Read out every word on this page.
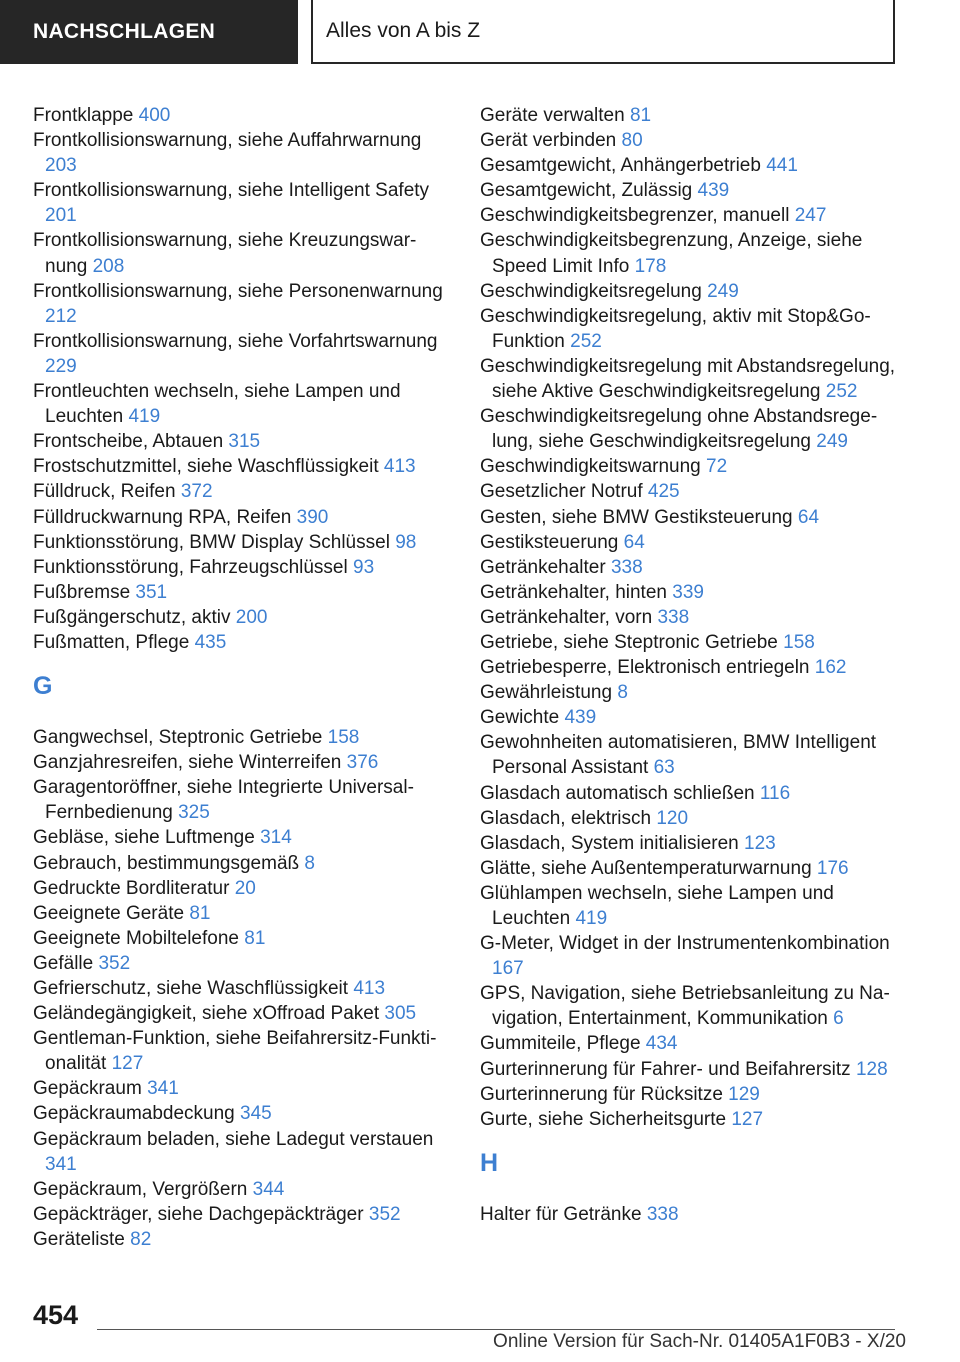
NACHSCHLAGEN	Alles von A bis Z

Frontklappe 400

Frontkollisionswarnung, siehe Auffahrwarnung 203

Frontkollisionswarnung, siehe Intelligent Safety 201

Frontkollisionswarnung, siehe Kreuzungswarnung 208

Frontkollisionswarnung, siehe Personenwarnung 212

Frontkollisionswarnung, siehe Vorfahrtswarnung 229

Frontleuchten wechseln, siehe Lampen und Leuchten 419

Frontscheibe, Abtauen 315

Frostschutzmittel, siehe Waschflüssigkeit 413

Fülldruck, Reifen 372

Fülldruckwarnung RPA, Reifen 390

Funktionsstörung, BMW Display Schlüssel 98

Funktionsstörung, Fahrzeugschlüssel 93

Fußbremse 351

Fußgängerschutz, aktiv 200

Fußmatten, Pflege 435

G

Gangwechsel, Steptronic Getriebe 158

Ganzjahresreifen, siehe Winterreifen 376

Garagentoröffner, siehe Integrierte UniversalFernbedienung 325

Gebläse, siehe Luftmenge 314

Gebrauch, bestimmungsgemäß 8

Gedruckte Bordliteratur 20

Geeignete Geräte 81

Geeignete Mobiltelefone 81

Gefälle 352

Gefrierschutz, siehe Waschflüssigkeit 413

Geländegängigkeit, siehe xOffroad Paket 305

Gentleman-Funktion, siehe Beifahrersitz-Funktionalität 127

Gepäckraum 341

Gepäckraumabdeckung 345

Gepäckraum beladen, siehe Ladegut verstauen 341

Gepäckraum, Vergrößern 344

Gepäckträger, siehe Dachgepäckträger 352

Geräteliste 82

Geräte verwalten 81

Gerät verbinden 80

Gesamtgewicht, Anhängerbetrieb 441

Gesamtgewicht, Zulässig 439

Geschwindigkeitsbegrenzer, manuell 247

Geschwindigkeitsbegrenzung, Anzeige, siehe Speed Limit Info 178

Geschwindigkeitsregelung 249

Geschwindigkeitsregelung, aktiv mit Stop&Go-Funktion 252

Geschwindigkeitsregelung mit Abstandsregelung, siehe Aktive Geschwindigkeitsregelung 252

Geschwindigkeitsregelung ohne Abstandsregelung, siehe Geschwindigkeitsregelung 249

Geschwindigkeitswarnung 72

Gesetzlicher Notruf 425

Gesten, siehe BMW Gestiksteuerung 64

Gestiksteuerung 64

Getränkehalter 338

Getränkehalter, hinten 339

Getränkehalter, vorn 338

Getriebe, siehe Steptronic Getriebe 158

Getriebesperre, Elektronisch entriegeln 162

Gewährleistung 8

Gewichte 439

Gewohnheiten automatisieren, BMW Intelligent Personal Assistant 63

Glasdach automatisch schließen 116

Glasdach, elektrisch 120

Glasdach, System initialisieren 123

Glätte, siehe Außentemperaturwarnung 176

Glühlampen wechseln, siehe Lampen und Leuchten 419

G-Meter, Widget in der Instrumentenkombination 167

GPS, Navigation, siehe Betriebsanleitung zu Navigation, Entertainment, Kommunikation 6

Gummiteile, Pflege 434

Gurterinnerung für Fahrer- und Beifahrersitz 128

Gurterinnerung für Rücksitze 129

Gurte, siehe Sicherheitsgurte 127

H

Halter für Getränke 338

454
Online Version für Sach-Nr. 01405A1F0B3 - X/20
